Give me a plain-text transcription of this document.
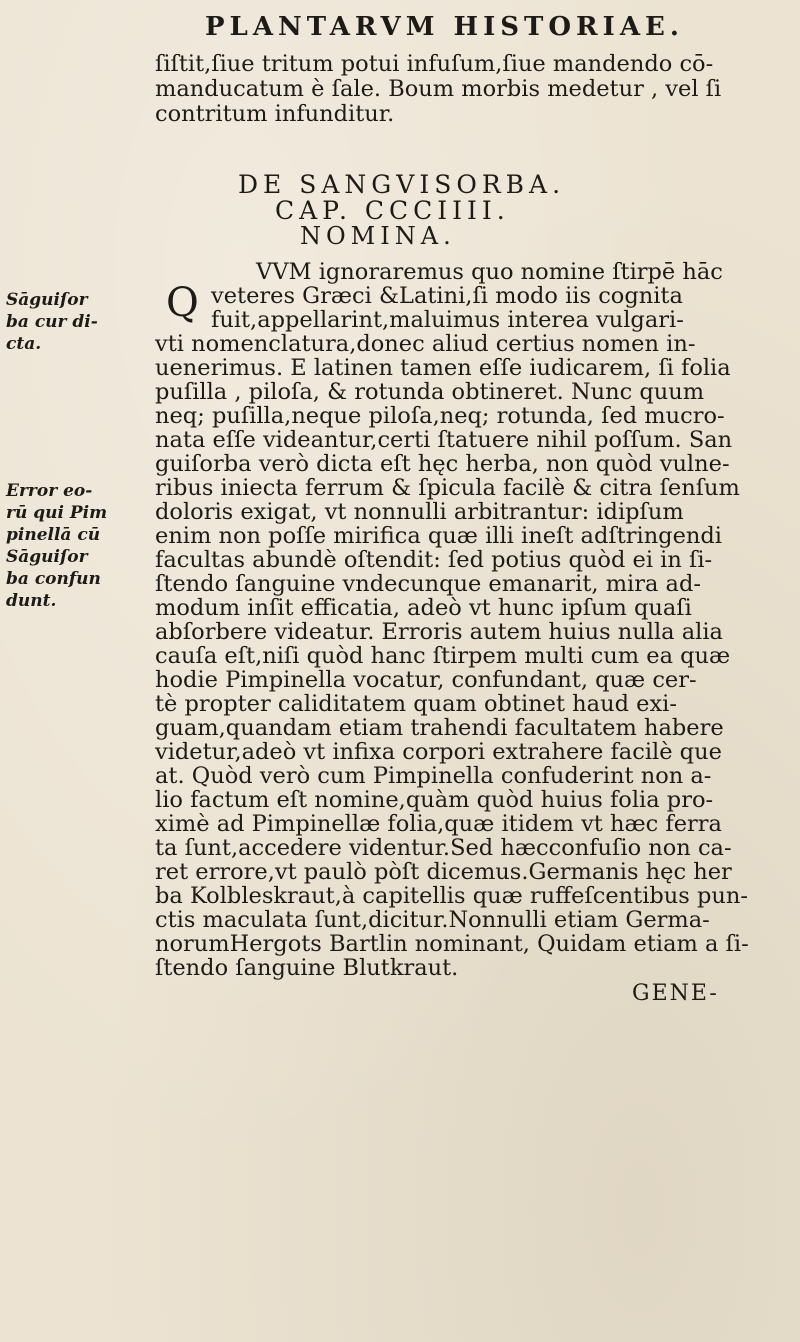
PLANTARVM HISTORIAE.
ſiſtit,ſiue tritum potui infuſum,ſiue mandendo cō-
manducatum è ſale. Boum morbis medetur , vel ſi
contritum infunditur.
DE SANGVISORBA.
CAP. CCCIIII.
NOMINA.
Q
VVM ignoraremus quo nomine ſtirpē hāc
veteres Græci &Latini,ſi modo iis cognita
fuit,appellarint,maluimus interea vulgari-
vti nomenclatura,donec aliud certius nomen in-
uenerimus. E latinen tamen eſſe iudicarem, ſi folia
puſilla , piloſa, & rotunda obtineret. Nunc quum
neq; puſilla,neque piloſa,neq; rotunda, ſed mucro-
nata eſſe videantur,certi ſtatuere nihil poſſum. San
guiſorba verò dicta eſt hęc herba, non quòd vulne-
ribus iniecta ferrum & ſpicula facilè & citra ſenſum
doloris exigat, vt nonnulli arbitrantur: idipſum
enim non poſſe mirifica quæ illi ineſt adſtringendi
facultas abundè oſtendit: ſed potius quòd ei in ſi-
ſtendo ſanguine vndecunque emanarit, mira ad-
modum inſit efficatia, adeò vt hunc ipſum quaſi
abſorbere videatur. Erroris autem huius nulla alia
cauſa eſt,niſi quòd hanc ſtirpem multi cum ea quæ
hodie Pimpinella vocatur, confundant, quæ cer-
tè propter caliditatem quam obtinet haud exi-
guam,quandam etiam trahendi facultatem habere
videtur,adeò vt infixa corpori extrahere facilè que
at. Quòd verò cum Pimpinella confuderint non a-
lio factum eſt nomine,quàm quòd huius folia pro-
ximè ad Pimpinellæ folia,quæ itidem vt hæc ferra
ta ſunt,accedere videntur.Sed hæcconfuſio non ca-
ret errore,vt paulò pòſt dicemus.Germanis hęc her
ba Kolbleskraut,à capitellis quæ ruffeſcentibus pun-
ctis maculata ſunt,dicitur.Nonnulli etiam Germa-
norumHergots Bartlin nominant, Quidam etiam a ſi-
ſtendo ſanguine Blutkraut.
Sāguiſor
ba cur di-
cta.
Error eo-
rū qui Pim
pinellā cū
Sāguiſor
ba confun
dunt.
GENE-
